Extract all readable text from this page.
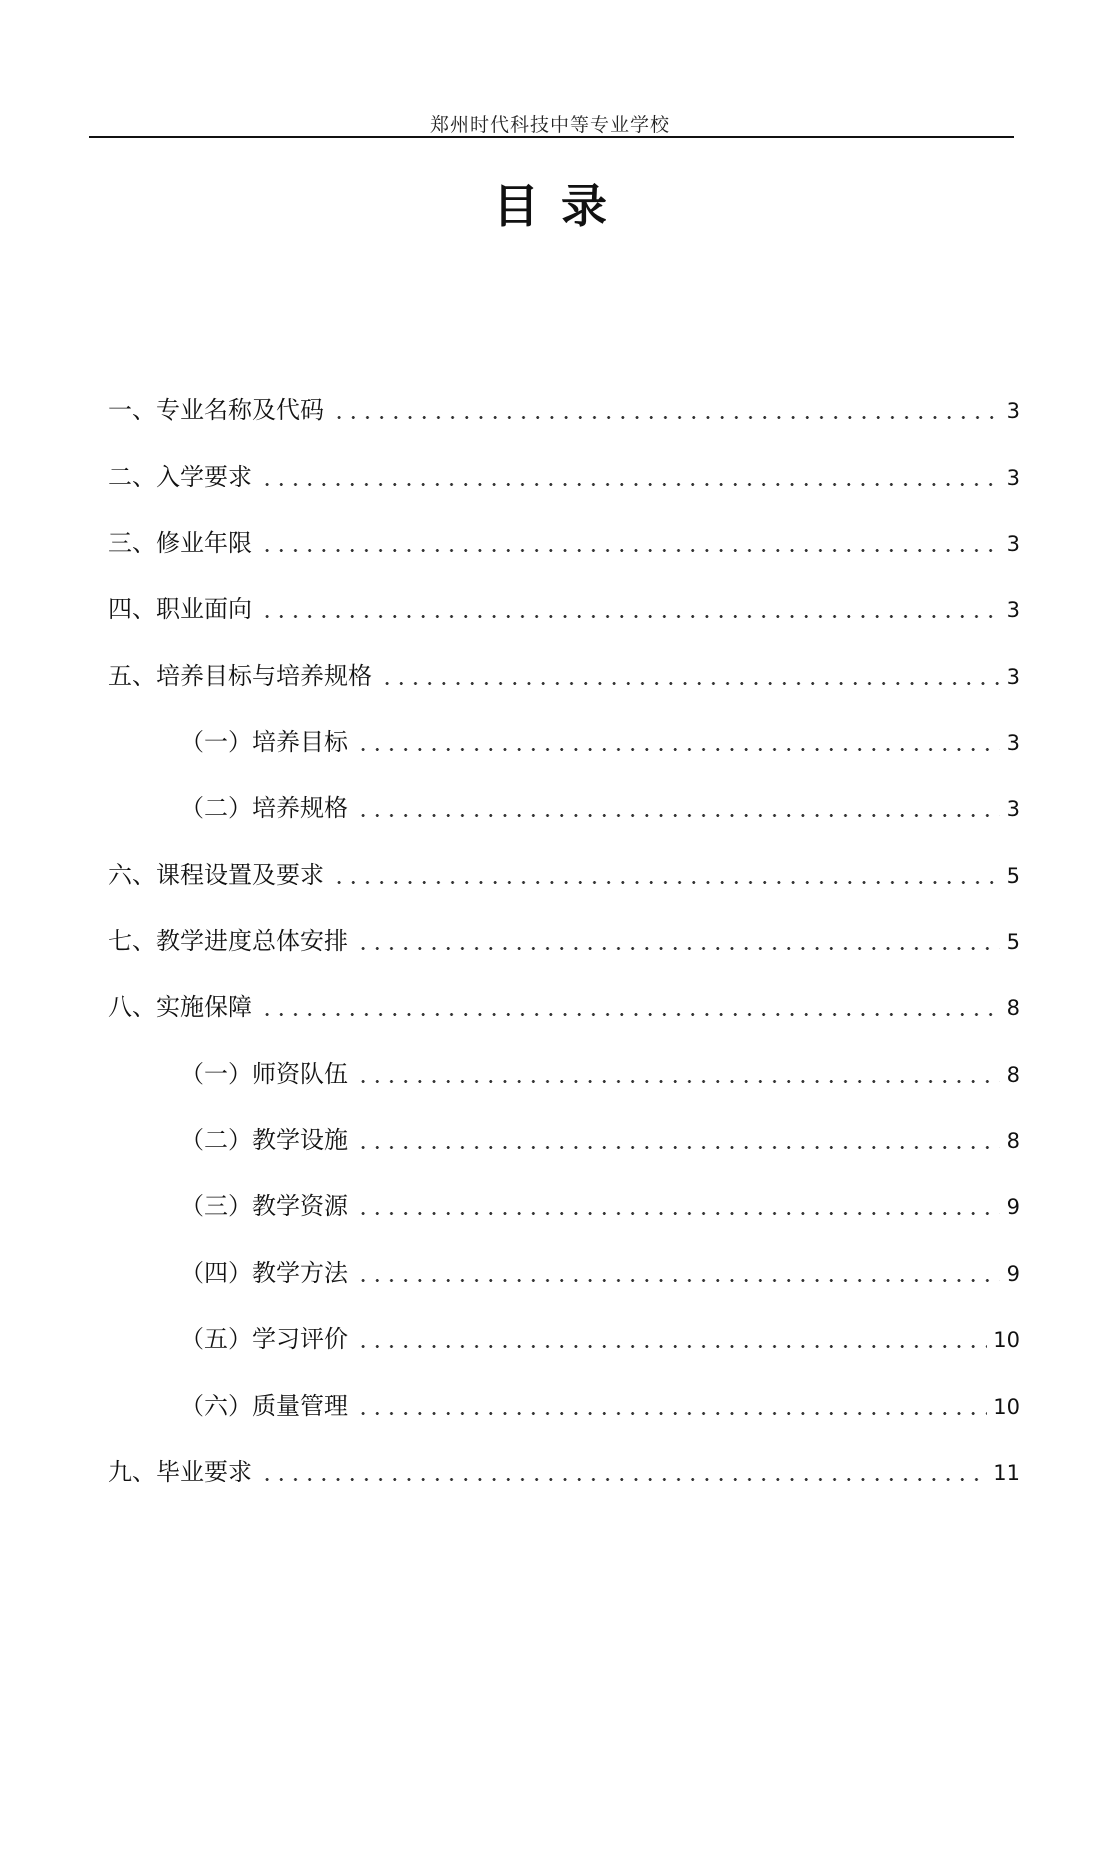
郑州时代科技中等专业学校
目录
一、专业名称及代码	3
二、入学要求	3
三、修业年限	3
四、职业面向	3
五、培养目标与培养规格	3
（一）培养目标	3
（二）培养规格	3
六、课程设置及要求	5
七、教学进度总体安排	5
八、实施保障	8
（一）师资队伍	8
（二）教学设施	8
（三）教学资源	9
（四）教学方法	9
（五）学习评价	10
（六）质量管理	10
九、毕业要求	11
